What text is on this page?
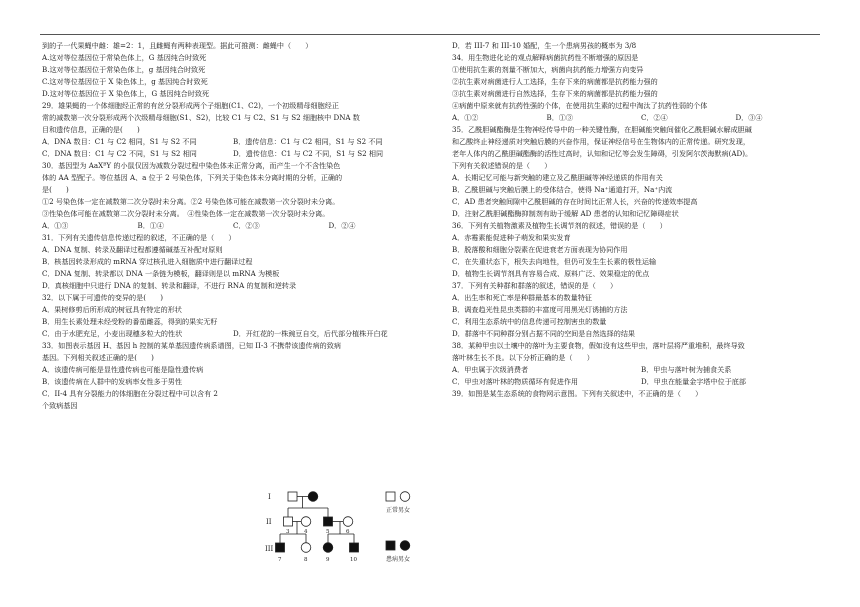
到的子一代果蝇中雌：雄=2：1，且雌蝇有两种表现型。据此可推测：雌蝇中（　　）
A.这对等位基因位于常染色体上，G 基因纯合时致死
B.这对等位基因位于常染色体上，g 基因纯合时致死
C.这对等位基因位于 X 染色体上，g 基因纯合时致死
D.这对等位基因位于 X 染色体上，G 基因纯合时致死
29．雄果蝇的一个体细胞经正常的有丝分裂形成两个子细胞(C1、C2)，一个初级精母细胞经正
常的减数第一次分裂形成两个次级精母细胞(S1、S2)，比较 C1 与 C2、S1 与 S2 细胞核中 DNA 数
目和遗传信息，正确的是(　　)
A．DNA 数目：C1 与 C2 相同，S1 与 S2 不同	B．遗传信息：C1 与 C2 相同，S1 与 S2 不同
C．DNA 数目：C1 与 C2 不同，S1 与 S2 相同	D．遗传信息：C1 与 C2 不同，S1 与 S2 相同
30．基因型为 AaXᴮY 的小鼠仅因为减数分裂过程中染色体未正常分离，而产生一个不含性染色
体的 AA 型配子。等位基因 A、a 位于 2 号染色体，下列关于染色体未分离时期的分析，正确的
是(　　)
①2 号染色体一定在减数第二次分裂时未分离。②2 号染色体可能在减数第一次分裂时未分离。
③性染色体可能在减数第二次分裂时未分离。　④性染色体一定在减数第一次分裂时未分离。
A．①③	B．①④	C．②③	D．②④
31．下列有关遗传信息传递过程的叙述，不正确的是（　　）
A．DNA 复制、转录及翻译过程都遵循碱基互补配对原则
B．核基因转录形成的 mRNA 穿过核孔进入细胞质中进行翻译过程
C．DNA 复制、转录都以 DNA 一条链为模板，翻译则是以 mRNA 为模板
D．真核细胞中只进行 DNA 的复制、转录和翻译，不进行 RNA 的复制和逆转录
32．以下属于可遗传的变异的是(　　)
A．果树修剪后所形成的树冠具有特定的形状
B．用生长素处理未经受粉的番茄雌蕊，得到的果实无籽
C．由于水肥充足，小麦出现穗多粒大的性状	D．开红花的一株豌豆自交，后代部分植株开白花
33．如图表示基因 H、基因 h 控制的某单基因遗传病系谱图，已知 II-3 不携带该遗传病的致病
基因。下列相关叙述正确的是(　　)
A．该遗传病可能是显性遗传病也可能是隐性遗传病
B．该遗传病在人群中的发病率女性多于男性
C．II-4 具有分裂能力的体细胞在分裂过程中可以含有 2
个致病基因
I
II
III
3	4	5	6
7	8	9	10
正常男女
患病男女
D．若 III-7 和 III-10 婚配，生一个患病男孩的概率为 3/8
34．用生物进化论的观点解释病菌抗药性不断增强的原因是
①使用抗生素的剂量不断加大，病菌向抗药能力增强方向变异
②抗生素对病菌进行人工选择，生存下来的病菌都是抗药能力强的
③抗生素对病菌进行自然选择，生存下来的病菌都是抗药能力强的
④病菌中原来就有抗药性强的个体，在使用抗生素的过程中淘汰了抗药性弱的个体
A．①②	B．①③	C．②④	D．③④
35．乙酰胆碱酯酶是生物神经传导中的一种关键性酶，在胆碱能突触间催化乙酰胆碱水解成胆碱
和乙酸终止神经递质对突触后膜的兴奋作用，保证神经信号在生物体内的正常传递。研究发现，
老年人体内的乙酰胆碱酯酶的活性过高时，认知和记忆等会发生障碍，引发阿尔茨海默病(AD)。
下列有关叙述错误的是（　　）
A．长期记忆可能与新突触的建立及乙酰胆碱等神经递质的作用有关
B．乙酰胆碱与突触后膜上的受体结合，使得 Na⁺通道打开，Na⁺内流
C．AD 患者突触间隙中乙酰胆碱的存在时间比正常人长，兴奋的传递效率提高
D．注射乙酰胆碱酯酶抑制剂有助于缓解 AD 患者的认知和记忆障碍症状
36．下列有关植物激素及植物生长调节剂的叙述，错误的是（　　）
A．赤霉素能促进种子萌发和果实发育
B．脱落酸和细胞分裂素在促进衰老方面表现为协同作用
C．在失重状态下，根失去向地性，但仍可发生生长素的极性运输
D．植物生长调节剂具有容易合成、原料广泛、效果稳定的优点
37．下列有关种群和群落的叙述，错误的是（　　）
A．出生率和死亡率是种群最基本的数量特征
B．调查趋光性昆虫类群的丰富度可用黑光灯诱捕的方法
C．利用生态系统中的信息传递可控制害虫的数量
D．群落中不同种群分别占据不同的空间是自然选择的结果
38．某种甲虫以土壤中的落叶为主要食物，假如没有这些甲虫，落叶层将严重堆积，最终导致
落叶林生长不良。以下分析正确的是（　　）
A．甲虫属于次级消费者	B．甲虫与落叶树为捕食关系
C．甲虫对落叶林的物质循环有促进作用	D．甲虫在能量金字塔中位于底部
39．如图是某生态系统的食物网示意图。下列有关叙述中，不正确的是（　　）
